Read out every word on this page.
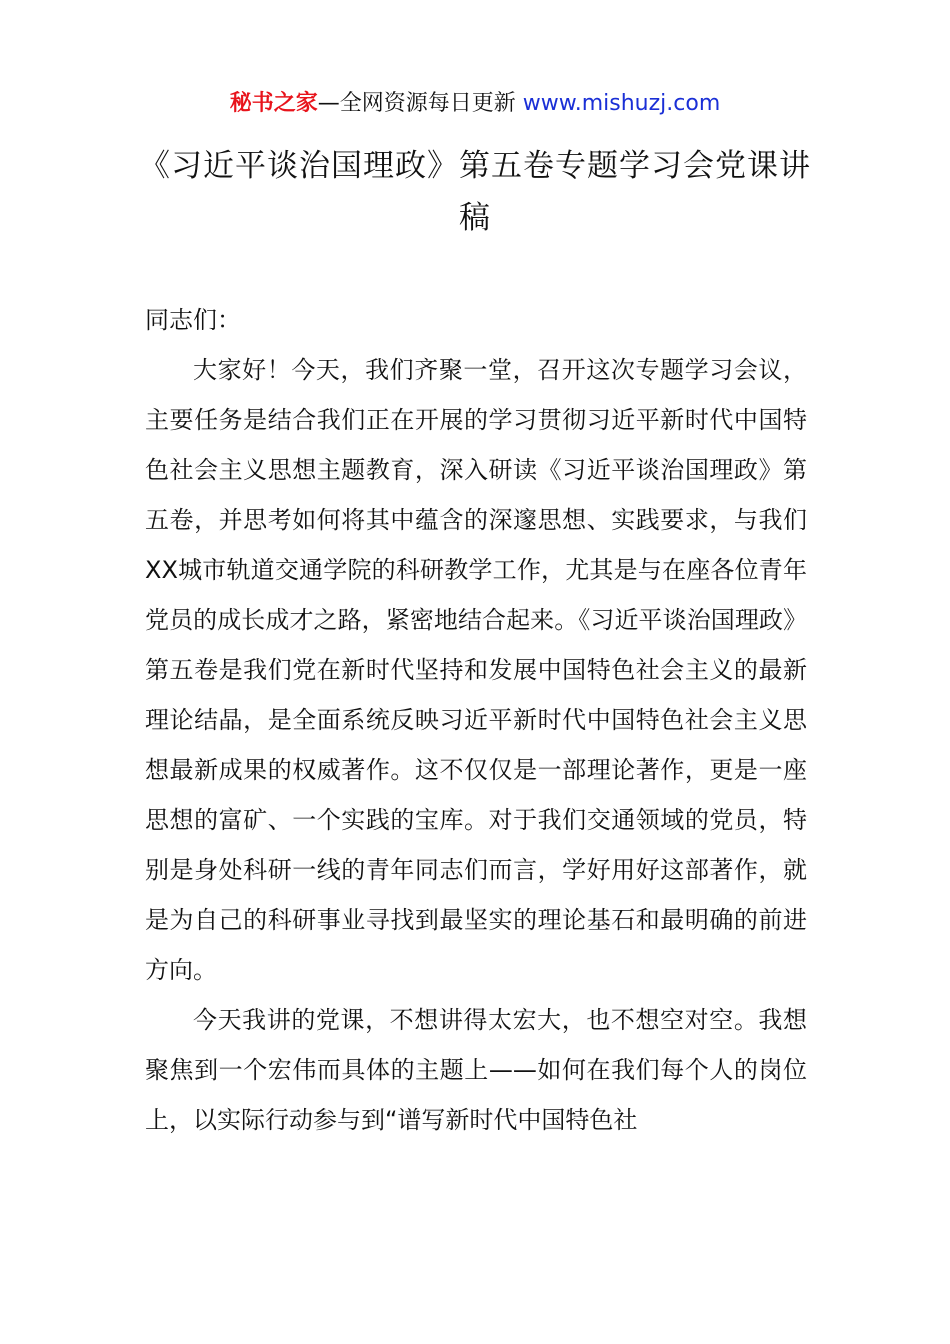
秘书之家—全网资源每日更新 www.mishuzj.com
《习近平谈治国理政》第五卷专题学习会党课讲稿

同志们：

大家好！今天，我们齐聚一堂，召开这次专题学习会议，主要任务是结合我们正在开展的学习贯彻习近平新时代中国特色社会主义思想主题教育，深入研读《习近平谈治国理政》第五卷，并思考如何将其中蕴含的深邃思想、实践要求，与我们XX城市轨道交通学院的科研教学工作，尤其是与在座各位青年党员的成长成才之路，紧密地结合起来。《习近平谈治国理政》第五卷是我们党在新时代坚持和发展中国特色社会主义的最新理论结晶，是全面系统反映习近平新时代中国特色社会主义思想最新成果的权威著作。这不仅仅是一部理论著作，更是一座思想的富矿、一个实践的宝库。对于我们交通领域的党员，特别是身处科研一线的青年同志们而言，学好用好这部著作，就是为自己的科研事业寻找到最坚实的理论基石和最明确的前进方向。

今天我讲的党课，不想讲得太宏大，也不想空对空。我想聚焦到一个宏伟而具体的主题上——如何在我们每个人的岗位上，以实际行动参与到“谱写新时代中国特色社
